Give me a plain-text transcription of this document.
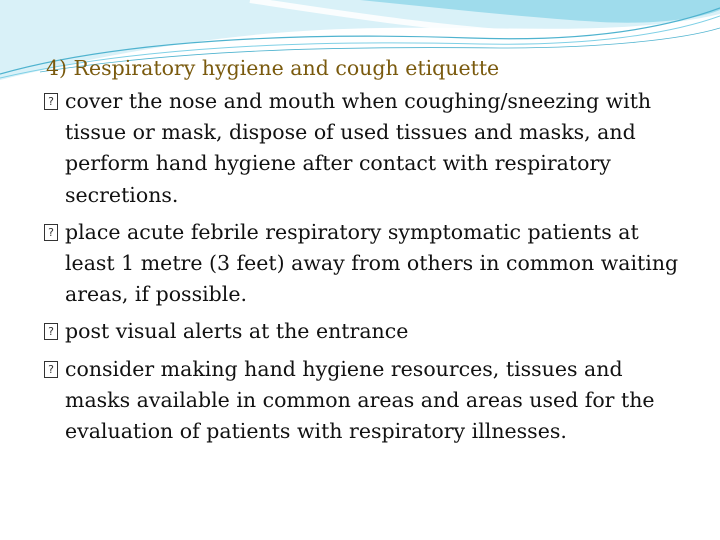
4) Respiratory hygiene and cough etiquette
? cover the nose and mouth when coughing/sneezing with tissue or mask, dispose of used tissues and masks, and perform hand hygiene after contact with respiratory secretions.
? place acute febrile respiratory symptomatic patients at least 1 metre (3 feet) away from others in common waiting areas, if possible.
? post visual alerts at the entrance
? consider making hand hygiene resources, tissues and masks available in common areas and areas used for the evaluation of patients with respiratory illnesses.
